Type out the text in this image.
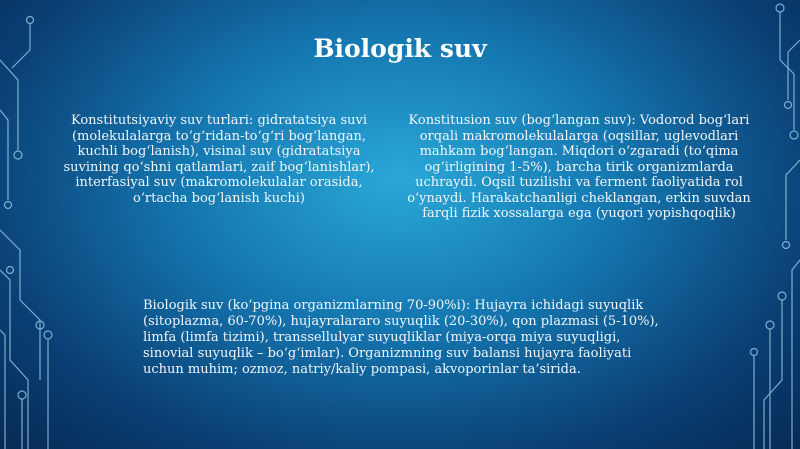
Biologik suv
Konstitutsiyaviy suv turlari: gidratatsiya suvi (molekulalarga to‘g‘ridan-to‘g‘ri bog‘langan, kuchli bog‘lanish), visinal suv (gidratatsiya suvining qo‘shni qatlamlari, zaif bog‘lanishlar), interfasiyal suv (makromolekulalar orasida, o‘rtacha bog‘lanish kuchi)
Konstitusion suv (bog‘langan suv): Vodorod bog‘lari orqali makromolekulalarga (oqsillar, uglevodlari mahkam bog‘langan. Miqdori o‘zgaradi (to‘qima og‘irligining 1-5%), barcha tirik organizmlarda uchraydi. Oqsil tuzilishi va ferment faoliyatida rol o‘ynaydi. Harakatchanligi cheklangan, erkin suvdan farqli fizik xossalarga ega (yuqori yopishqoqlik)
Biologik suv (ko‘pgina organizmlarning 70-90%i): Hujayra ichidagi suyuqlik (sitoplazma, 60-70%), hujayralararo suyuqlik (20-30%), qon plazmasi (5-10%), limfa (limfa tizimi), transsellulyar suyuqliklar (miya-orqa miya suyuqligi, sinovial suyuqlik – bo‘g‘imlar). Organizmning suv balansi hujayra faoliyati uchun muhim; ozmoz, natriy/kaliy pompasi, akvoporinlar ta’sirida.
